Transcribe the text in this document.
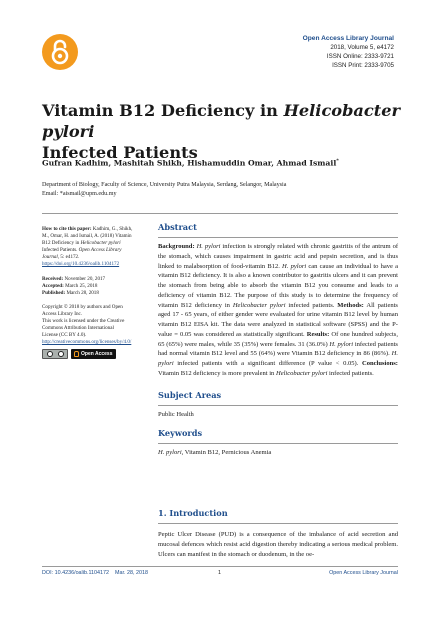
Open Access Library Journal
2018, Volume 5, e4172
ISSN Online: 2333-9721
ISSN Print: 2333-9705
Vitamin B12 Deficiency in Helicobacter pylori
Infected Patients
Gufran Kadhim, Mashitah Shikh, Hishamuddin Omar, Ahmad Ismail*
Department of Biology, Faculty of Science, University Putra Malaysia, Serdang, Selangor, Malaysia
Email: *aismail@upm.edu.my
How to cite this paper: Kadhim, G., Shikh,
M., Omar, H. and Ismail, A. (2018) Vitamin
B12 Deficiency in Helicobacter pylori
Infected Patients. Open Access Library
Journal, 5: e4172.
https://doi.org/10.4236/oalib.1104172
Received: November 20, 2017
Accepted: March 25, 2018
Published: March 28, 2018
Copyright © 2018 by authors and Open
Access Library Inc.
This work is licensed under the Creative
Commons Attribution International
License (CC BY 4.0).
http://creativecommons.org/licenses/by/4.0/
Open Access
Abstract

Background: H. pylori infection is strongly related with chronic gastritis of the antrum of the stomach, which causes impairment in gastric acid and pepsin secretion, and is thus linked to malabsorption of food-vitamin B12. H. pylori can cause an individual to have a vitamin B12 deficiency. It is also a known contributor to gastritis ulcers and it can prevent the stomach from being able to absorb the vitamin B12 you consume and leads to a deficiency of vitamin B12. The purpose of this study is to determine the frequency of vitamin B12 deficiency in Helicobacter pylori infected patients. Methods: All patients aged 17 - 65 years, of either gender were evaluated for urine vitamin B12 level by human vitamin B12 EISA kit. The data were analyzed in statistical software (SPSS) and the P-value = 0.05 was considered as statistically significant. Results: Of one hundred subjects, 65 (65%) were males, while 35 (35%) were females. 31 (36.0%) H. pylori infected patients had normal vitamin B12 level and 55 (64%) were Vitamin B12 deficiency in 86 (86%). H. pylori infected patients with a significant difference (P value < 0.05). Conclusions: Vitamin B12 deficiency is more prevalent in Helicobacter pylori infected patients.

Subject Areas
Public Health
Keywords
H. pylori, Vitamin B12, Pernicious Anemia
1. Introduction

Peptic Ulcer Disease (PUD) is a consequence of the imbalance of acid secretion and mucosal defences which resist acid digestion thereby indicating a serious medical problem. Ulcers can manifest in the stomach or duodenum, in the oe-

DOI: 10.4236/oalib.1104172 Mar. 28, 2018	1	Open Access Library Journal
